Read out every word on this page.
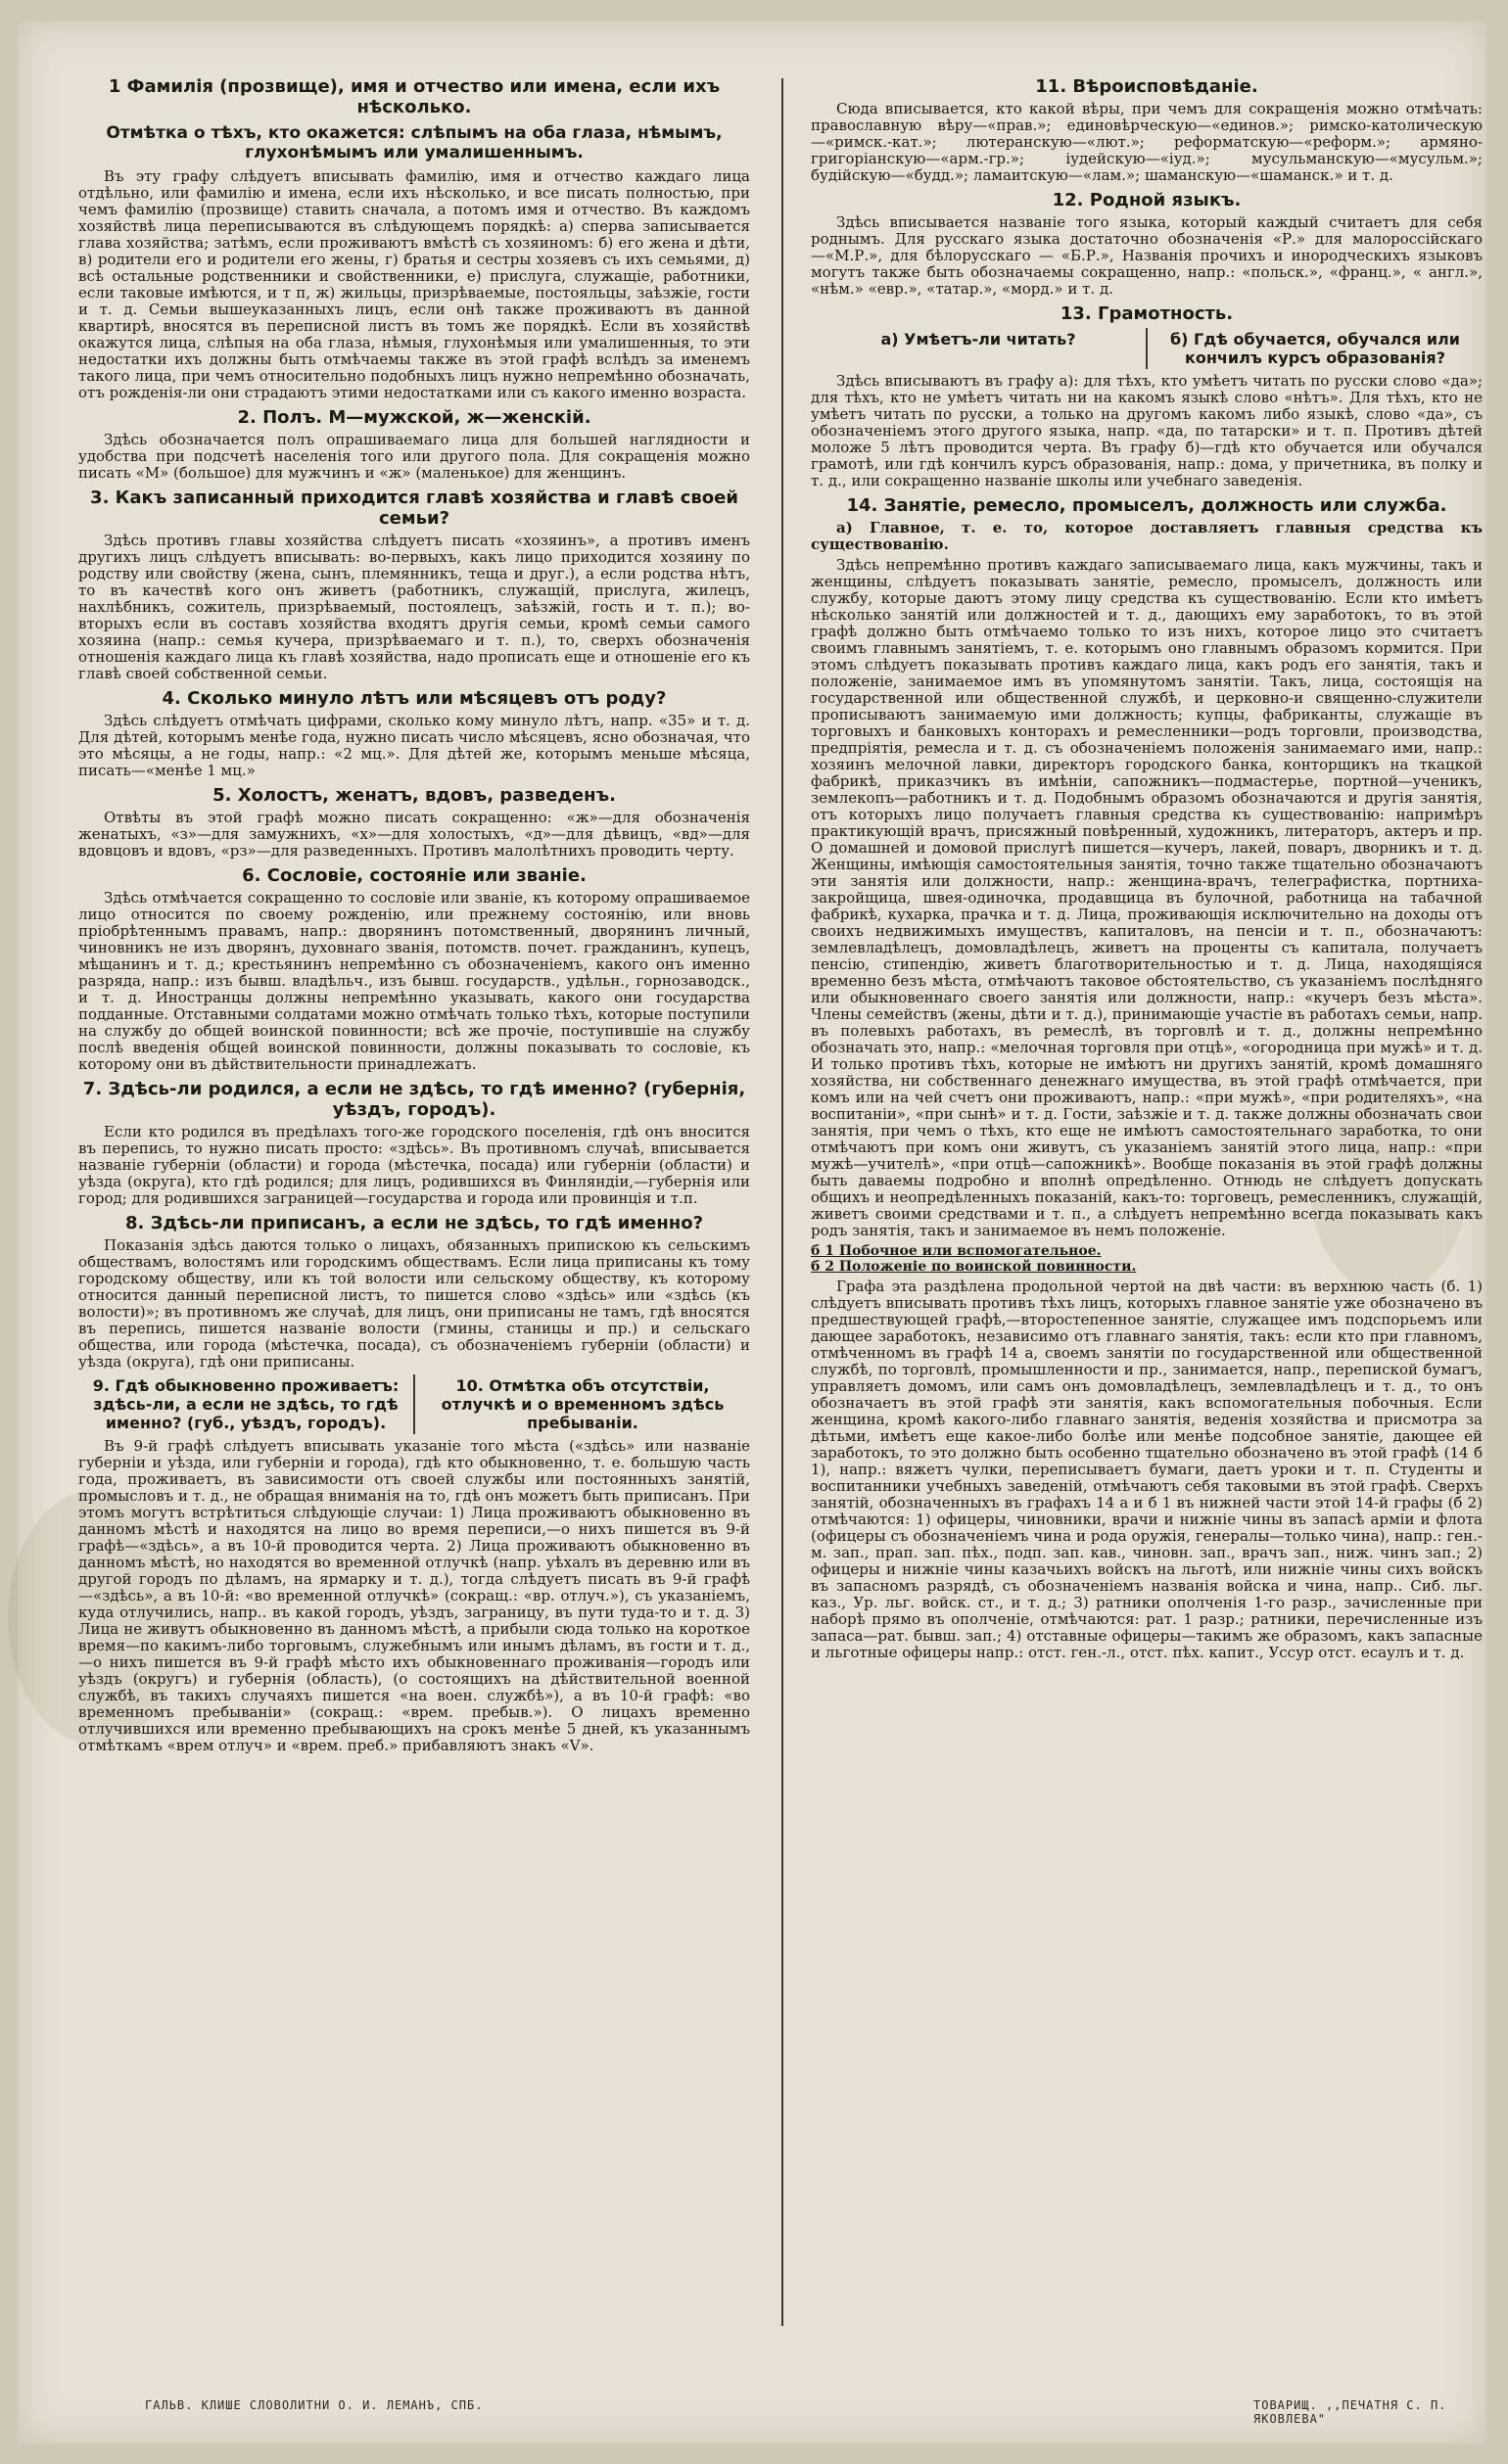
1 Фамилія (прозвище), имя и отчество или имена, если ихъ нѣсколько.
Отмѣтка о тѣхъ, кто окажется: слѣпымъ на оба глаза, нѣмымъ, глухонѣмымъ или умалишеннымъ.

Въ эту графу слѣдуетъ вписывать фамилію, имя и отчество каждаго лица отдѣльно, или фамилію и имена, если ихъ нѣсколько, и все писать полностью, при чемъ фамилію (прозвище) ставить сначала, а потомъ имя и отчество. Въ каждомъ хозяйствѣ лица переписываются въ слѣдующемъ порядкѣ: а) сперва записывается глава хозяйства; затѣмъ, если проживаютъ вмѣстѣ съ хозяиномъ: б) его жена и дѣти, в) родители его и родители его жены, г) братья и сестры хозяевъ съ ихъ семьями, д) всѣ остальные родственники и свойственники, е) прислуга, служащіе, работники, если таковые имѣются, и т п, ж) жильцы, призрѣваемые, постояльцы, заѣзжіе, гости и т. д. Семьи вышеуказанныхъ лицъ, если онѣ также проживаютъ въ данной квартирѣ, вносятся въ переписной листъ въ томъ же порядкѣ. Если въ хозяйствѣ окажутся лица, слѣпыя на оба глаза, нѣмыя, глухонѣмыя или умалишенныя, то эти недостатки ихъ должны быть отмѣчаемы также въ этой графѣ вслѣдъ за именемъ такого лица, при чемъ относительно подобныхъ лицъ нужно непремѣнно обозначать, отъ рожденія-ли они страдаютъ этими недостатками или съ какого именно возраста.

2. Полъ. М—мужской, ж—женскій.

Здѣсь обозначается полъ опрашиваемаго лица для большей наглядности и удобства при подсчетѣ населенія того или другого пола. Для сокращенія можно писать «М» (большое) для мужчинъ и «ж» (маленькое) для женщинъ.

3. Какъ записанный приходится главѣ хозяйства и главѣ своей семьи?

Здѣсь противъ главы хозяйства слѣдуетъ писать «хозяинъ», а противъ именъ другихъ лицъ слѣдуетъ вписывать: во-первыхъ, какъ лицо приходится хозяину по родству или свойству (жена, сынъ, племянникъ, теща и друг.), а если родства нѣтъ, то въ качествѣ кого онъ живетъ (работникъ, служащій, прислуга, жилецъ, нахлѣбникъ, сожитель, призрѣваемый, постоялецъ, заѣзжій, гость и т. п.); во-вторыхъ если въ составъ хозяйства входятъ другія семьи, кромѣ семьи самого хозяина (напр.: семья кучера, призрѣваемаго и т. п.), то, сверхъ обозначенія отношенія каждаго лица къ главѣ хозяйства, надо прописать еще и отношеніе его къ главѣ своей собственной семьи.

4. Сколько минуло лѣтъ или мѣсяцевъ отъ роду?

Здѣсь слѣдуетъ отмѣчать цифрами, сколько кому минуло лѣтъ, напр. «35» и т. д. Для дѣтей, которымъ менѣе года, нужно писать число мѣсяцевъ, ясно обозначая, что это мѣсяцы, а не годы, напр.: «2 мц.». Для дѣтей же, которымъ меньше мѣсяца, писать—«менѣе 1 мц.»

5. Холостъ, женатъ, вдовъ, разведенъ.

Отвѣты въ этой графѣ можно писать сокращенно: «ж»—для обозначенія женатыхъ, «з»—для замужнихъ, «х»—для холостыхъ, «д»—для дѣвицъ, «вд»—для вдовцовъ и вдовъ, «рз»—для разведенныхъ. Противъ малолѣтнихъ проводить черту.

6. Сословіе, состояніе или званіе.

Здѣсь отмѣчается сокращенно то сословіе или званіе, къ которому опрашиваемое лицо относится по своему рожденію, или прежнему состоянію, или вновь пріобрѣтеннымъ правамъ, напр.: дворянинъ потомственный, дворянинъ личный, чиновникъ не изъ дворянъ, духовнаго званія, потомств. почет. гражданинъ, купецъ, мѣщанинъ и т. д.; крестьянинъ непремѣнно съ обозначеніемъ, какого онъ именно разряда, напр.: изъ бывш. владѣльч., изъ бывш. государств., удѣльн., горнозаводск., и т. д. Иностранцы должны непремѣнно указывать, какого они государства подданные. Отставными солдатами можно отмѣчать только тѣхъ, которые поступили на службу до общей воинской повинности; всѣ же прочіе, поступившіе на службу послѣ введенія общей воинской повинности, должны показывать то сословіе, къ которому они въ дѣйствительности принадлежатъ.

7. Здѣсь-ли родился, а если не здѣсь, то гдѣ именно? (губернія, уѣздъ, городъ).

Если кто родился въ предѣлахъ того-же городского поселенія, гдѣ онъ вносится въ перепись, то нужно писать просто: «здѣсь». Въ противномъ случаѣ, вписывается названіе губерніи (области) и города (мѣстечка, посада) или губерніи (области) и уѣзда (округа), кто гдѣ родился; для лицъ, родившихся въ Финляндіи,—губернія или город; для родившихся заграницей—государства и города или провинція и т.п.

8. Здѣсь-ли приписанъ, а если не здѣсь, то гдѣ именно?

Показанія здѣсь даются только о лицахъ, обязанныхъ припискою къ сельскимъ обществамъ, волостямъ или городскимъ обществамъ. Если лица приписаны къ тому городскому обществу, или къ той волости или сельскому обществу, къ которому относится данный переписной листъ, то пишется слово «здѣсь» или «здѣсь (къ волости)»; въ противномъ же случаѣ, для лицъ, они приписаны не тамъ, гдѣ вносятся въ перепись, пишется названіе волости (гмины, станицы и пр.) и сельскаго общества, или города (мѣстечка, посада), съ обозначеніемъ губерніи (области) и уѣзда (округа), гдѣ они приписаны.

9. Гдѣ обыкновенно проживаетъ: здѣсь-ли, а если не здѣсь, то гдѣ именно? (губ., уѣздъ, городъ).
10. Отмѣтка объ отсутствіи, отлучкѣ и о временномъ здѣсь пребываніи.

Въ 9-й графѣ слѣдуетъ вписывать указаніе того мѣста («здѣсь» или названіе губерніи и уѣзда, или губерніи и города), гдѣ кто обыкновенно, т. е. большую часть года, проживаетъ, въ зависимости отъ своей службы или постоянныхъ занятій, промысловъ и т. д., не обращая вниманія на то, гдѣ онъ можетъ быть приписанъ. При этомъ могутъ встрѣтиться слѣдующіе случаи: 1) Лица проживаютъ обыкновенно въ данномъ мѣстѣ и находятся на лицо во время переписи,—о нихъ пишется въ 9-й графѣ—«здѣсь», а въ 10-й проводится черта. 2) Лица проживаютъ обыкновенно въ данномъ мѣстѣ, но находятся во временной отлучкѣ (напр. уѣхалъ въ деревню или въ другой городъ по дѣламъ, на ярмарку и т. д.), тогда слѣдуетъ писать въ 9-й графѣ—«здѣсь», а въ 10-й: «во временной отлучкѣ» (сокращ.: «вр. отлуч.»), съ указаніемъ, куда отлучились, напр.. въ какой городъ, уѣздъ, заграницу, въ пути туда-то и т. д. 3) Лица не живутъ обыкновенно въ данномъ мѣстѣ, а прибыли сюда только на короткое время—по какимъ-либо торговымъ, служебнымъ или инымъ дѣламъ, въ гости и т. д.,—о нихъ пишется въ 9-й графѣ мѣсто ихъ обыкновеннаго проживанія—городъ или уѣздъ (округъ) и губернія (область), (о состоящихъ на дѣйствительной военной службѣ, въ такихъ случаяхъ пишется «на воен. службѣ»), а въ 10-й графѣ: «во временномъ пребываніи» (сокращ.: «врем. пребыв.»). О лицахъ временно отлучившихся или временно пребывающихъ на срокъ менѣе 5 дней, къ указаннымъ отмѣткамъ «врем отлуч» и «врем. преб.» прибавляютъ знакъ «V».

11. Вѣроисповѣданіе.

Сюда вписывается, кто какой вѣры, при чемъ для сокращенія можно отмѣчать: православную вѣру—«прав.»; единовѣрческую—«единов.»; римско-католическую—«римск.-кат.»; лютеранскую—«лют.»; реформатскую—«реформ.»; армяно-григоріанскую—«арм.-гр.»; іудейскую—«іуд.»; мусульманскую—«мусульм.»; будійскую—«будд.»; ламаитскую—«лам.»; шаманскую—«шаманск.» и т. д.

12. Родной языкъ.

Здѣсь вписывается названіе того языка, который каждый считаетъ для себя роднымъ. Для русскаго языка достаточно обозначенія «Р.» для малороссійскаго—«М.Р.», для бѣлорусскаго — «Б.Р.», Названія прочихъ и инородческихъ языковъ могутъ также быть обозначаемы сокращенно, напр.: «польск.», «франц.», « англ.», «нѣм.» «евр.», «татар.», «морд.» и т. д.

13. Грамотность.
а) Умѣетъ-ли читать?	б) Гдѣ обучается, обучался или кончилъ курсъ образованія?

Здѣсь вписываютъ въ графу а): для тѣхъ, кто умѣетъ читать по русски слово «да»; для тѣхъ, кто не умѣетъ читать ни на какомъ языкѣ слово «нѣтъ». Для тѣхъ, кто не умѣетъ читать по русски, а только на другомъ какомъ либо языкѣ, слово «да», съ обозначеніемъ этого другого языка, напр. «да, по татарски» и т. п. Противъ дѣтей моложе 5 лѣтъ проводится черта. Въ графу б)—гдѣ кто обучается или обучался грамотѣ, или гдѣ кончилъ курсъ образованія, напр.: дома, у причетника, въ полку и т. д., или сокращенно названіе школы или учебнаго заведенія.

14. Занятіе, ремесло, промыселъ, должность или служба.

а) Главное, т. е. то, которое доставляетъ главныя средства къ существованію.

Здѣсь непремѣнно противъ каждаго записываемаго лица, какъ мужчины, такъ и женщины, слѣдуетъ показывать занятіе, ремесло, промыселъ, должность или службу, которые даютъ этому лицу средства къ существованію. Если кто имѣетъ нѣсколько занятій или должностей и т. д., дающихъ ему заработокъ, то въ этой графѣ должно быть отмѣчаемо только то изъ нихъ, которое лицо это считаетъ своимъ главнымъ занятіемъ, т. е. которымъ оно главнымъ образомъ кормится. При этомъ слѣдуетъ показывать противъ каждаго лица, какъ родъ его занятія, такъ и положеніе, занимаемое имъ въ упомянутомъ занятіи. Такъ, лица, состоящія на государственной или общественной службѣ, и церковно-и священно-служители прописываютъ занимаемую ими должность; купцы, фабриканты, служащіе въ торговыхъ и банковыхъ конторахъ и ремесленники—родъ торговли, производства, предпріятія, ремесла и т. д. съ обозначеніемъ положенія занимаемаго ими, напр.: хозяинъ мелочной лавки, директоръ городского банка, конторщикъ на ткацкой фабрикѣ, приказчикъ въ имѣніи, сапожникъ—подмастерье, портной—ученикъ, землекопъ—работникъ и т. д. Подобнымъ образомъ обозначаются и другія занятія, отъ которыхъ лицо получаетъ главныя средства къ существованію: напримѣръ практикующій врачъ, присяжный повѣренный, художникъ, литераторъ, актеръ и пр. О домашней и домовой прислугѣ пишется—кучеръ, лакей, поваръ, дворникъ и т. д. Женщины, имѣющія самостоятельныя занятія, точно также тщательно обозначаютъ эти занятія или должности, напр.: женщина-врачъ, телеграфистка, портниха-закройщица, швея-одиночка, продавщица въ булочной, работница на табачной фабрикѣ, кухарка, прачка и т. д. Лица, проживающія исключительно на доходы отъ своихъ недвижимыхъ имуществъ, капиталовъ, на пенсіи и т. п., обозначаютъ: землевладѣлецъ, домовладѣлецъ, живетъ на проценты съ капитала, получаетъ пенсію, стипендію, живетъ благотворительностью и т. д. Лица, находящіяся временно безъ мѣста, отмѣчаютъ таковое обстоятельство, съ указаніемъ послѣдняго или обыкновеннаго своего занятія или должности, напр.: «кучеръ безъ мѣста». Члены семействъ (жены, дѣти и т. д.), принимающіе участіе въ работахъ семьи, напр. въ полевыхъ работахъ, въ ремеслѣ, въ торговлѣ и т. д., должны непремѣнно обозначать это, напр.: «мелочная торговля при отцѣ», «огородница при мужѣ» и т. д. И только противъ тѣхъ, которые не имѣютъ ни другихъ занятій, кромѣ домашняго хозяйства, ни собственнаго денежнаго имущества, въ этой графѣ отмѣчается, при комъ или на чей счетъ они проживаютъ, напр.: «при мужѣ», «при родителяхъ», «на воспитаніи», «при сынѣ» и т. д. Гости, заѣзжіе и т. д. также должны обозначать свои занятія, при чемъ о тѣхъ, кто еще не имѣютъ самостоятельнаго заработка, то они отмѣчаютъ при комъ они живутъ, съ указаніемъ занятій этого лица, напр.: «при мужѣ—учителѣ», «при отцѣ—сапожникѣ». Вообще показанія въ этой графѣ должны быть даваемы подробно и вполнѣ опредѣленно. Отнюдь не слѣдуетъ допускать общихъ и неопредѣленныхъ показаній, какъ-то: торговецъ, ремесленникъ, служащій, живетъ своими средствами и т. п., а слѣдуетъ непремѣнно всегда показывать какъ родъ занятія, такъ и занимаемое въ немъ положеніе.

б 1 Побочное или вспомогательное.
б 2 Положеніе по воинской повинности.

Графа эта раздѣлена продольной чертой на двѣ части: въ верхнюю часть (б. 1) слѣдуетъ вписывать противъ тѣхъ лицъ, которыхъ главное занятіе уже обозначено въ предшествующей графѣ,—второстепенное занятіе, служащее имъ подспорьемъ или дающее заработокъ, независимо отъ главнаго занятія, такъ: если кто при главномъ, отмѣченномъ въ графѣ 14 а, своемъ занятіи по государственной или общественной службѣ, по торговлѣ, промышленности и пр., занимается, напр., перепиской бумагъ, управляетъ домомъ, или самъ онъ домовладѣлецъ, землевладѣлецъ и т. д., то онъ обозначаетъ въ этой графѣ эти занятія, какъ вспомогательныя побочныя. Если женщина, кромѣ какого-либо главнаго занятія, веденія хозяйства и присмотра за дѣтьми, имѣетъ еще какое-либо болѣе или менѣе подсобное занятіе, дающее ей заработокъ, то это должно быть особенно тщательно обозначено въ этой графѣ (14 б 1), напр.: вяжетъ чулки, переписываетъ бумаги, даетъ уроки и т. п. Студенты и воспитанники учебныхъ заведеній, отмѣчаютъ себя таковыми въ этой графѣ. Сверхъ занятій, обозначенныхъ въ графахъ 14 а и б 1 въ нижней части этой 14-й графы (б 2) отмѣчаются: 1) офицеры, чиновники, врачи и нижніе чины въ запасѣ арміи и флота (офицеры съ обозначеніемъ чина и рода оружія, генералы—только чина), напр.: ген.-м. зап., прап. зап. пѣх., подп. зап. кав., чиновн. зап., врачъ зап., ниж. чинъ зап.; 2) офицеры и нижніе чины казачьихъ войскъ на льготѣ, или нижніе чины сихъ войскъ въ запасномъ разрядѣ, съ обозначеніемъ названія войска и чина, напр.. Сиб. льг. каз., Ур. льг. войск. ст., и т. д.; 3) ратники ополченія 1-го разр., зачисленные при наборѣ прямо въ ополченіе, отмѣчаются: рат. 1 разр.; ратники, перечисленные изъ запаса—рат. бывш. зап.; 4) отставные офицеры—такимъ же образомъ, какъ запасные и льготные офицеры напр.: отст. ген.-л., отст. пѣх. капит., Уссур отст. есаулъ и т. д.

ГАЛЬВ. КЛИШЕ СЛОВОЛИТНИ О. И. ЛЕМАНЪ, СПБ.	ТОВАРИЩ. ,,ПЕЧАТНЯ С. П. ЯКОВЛЕВА"
